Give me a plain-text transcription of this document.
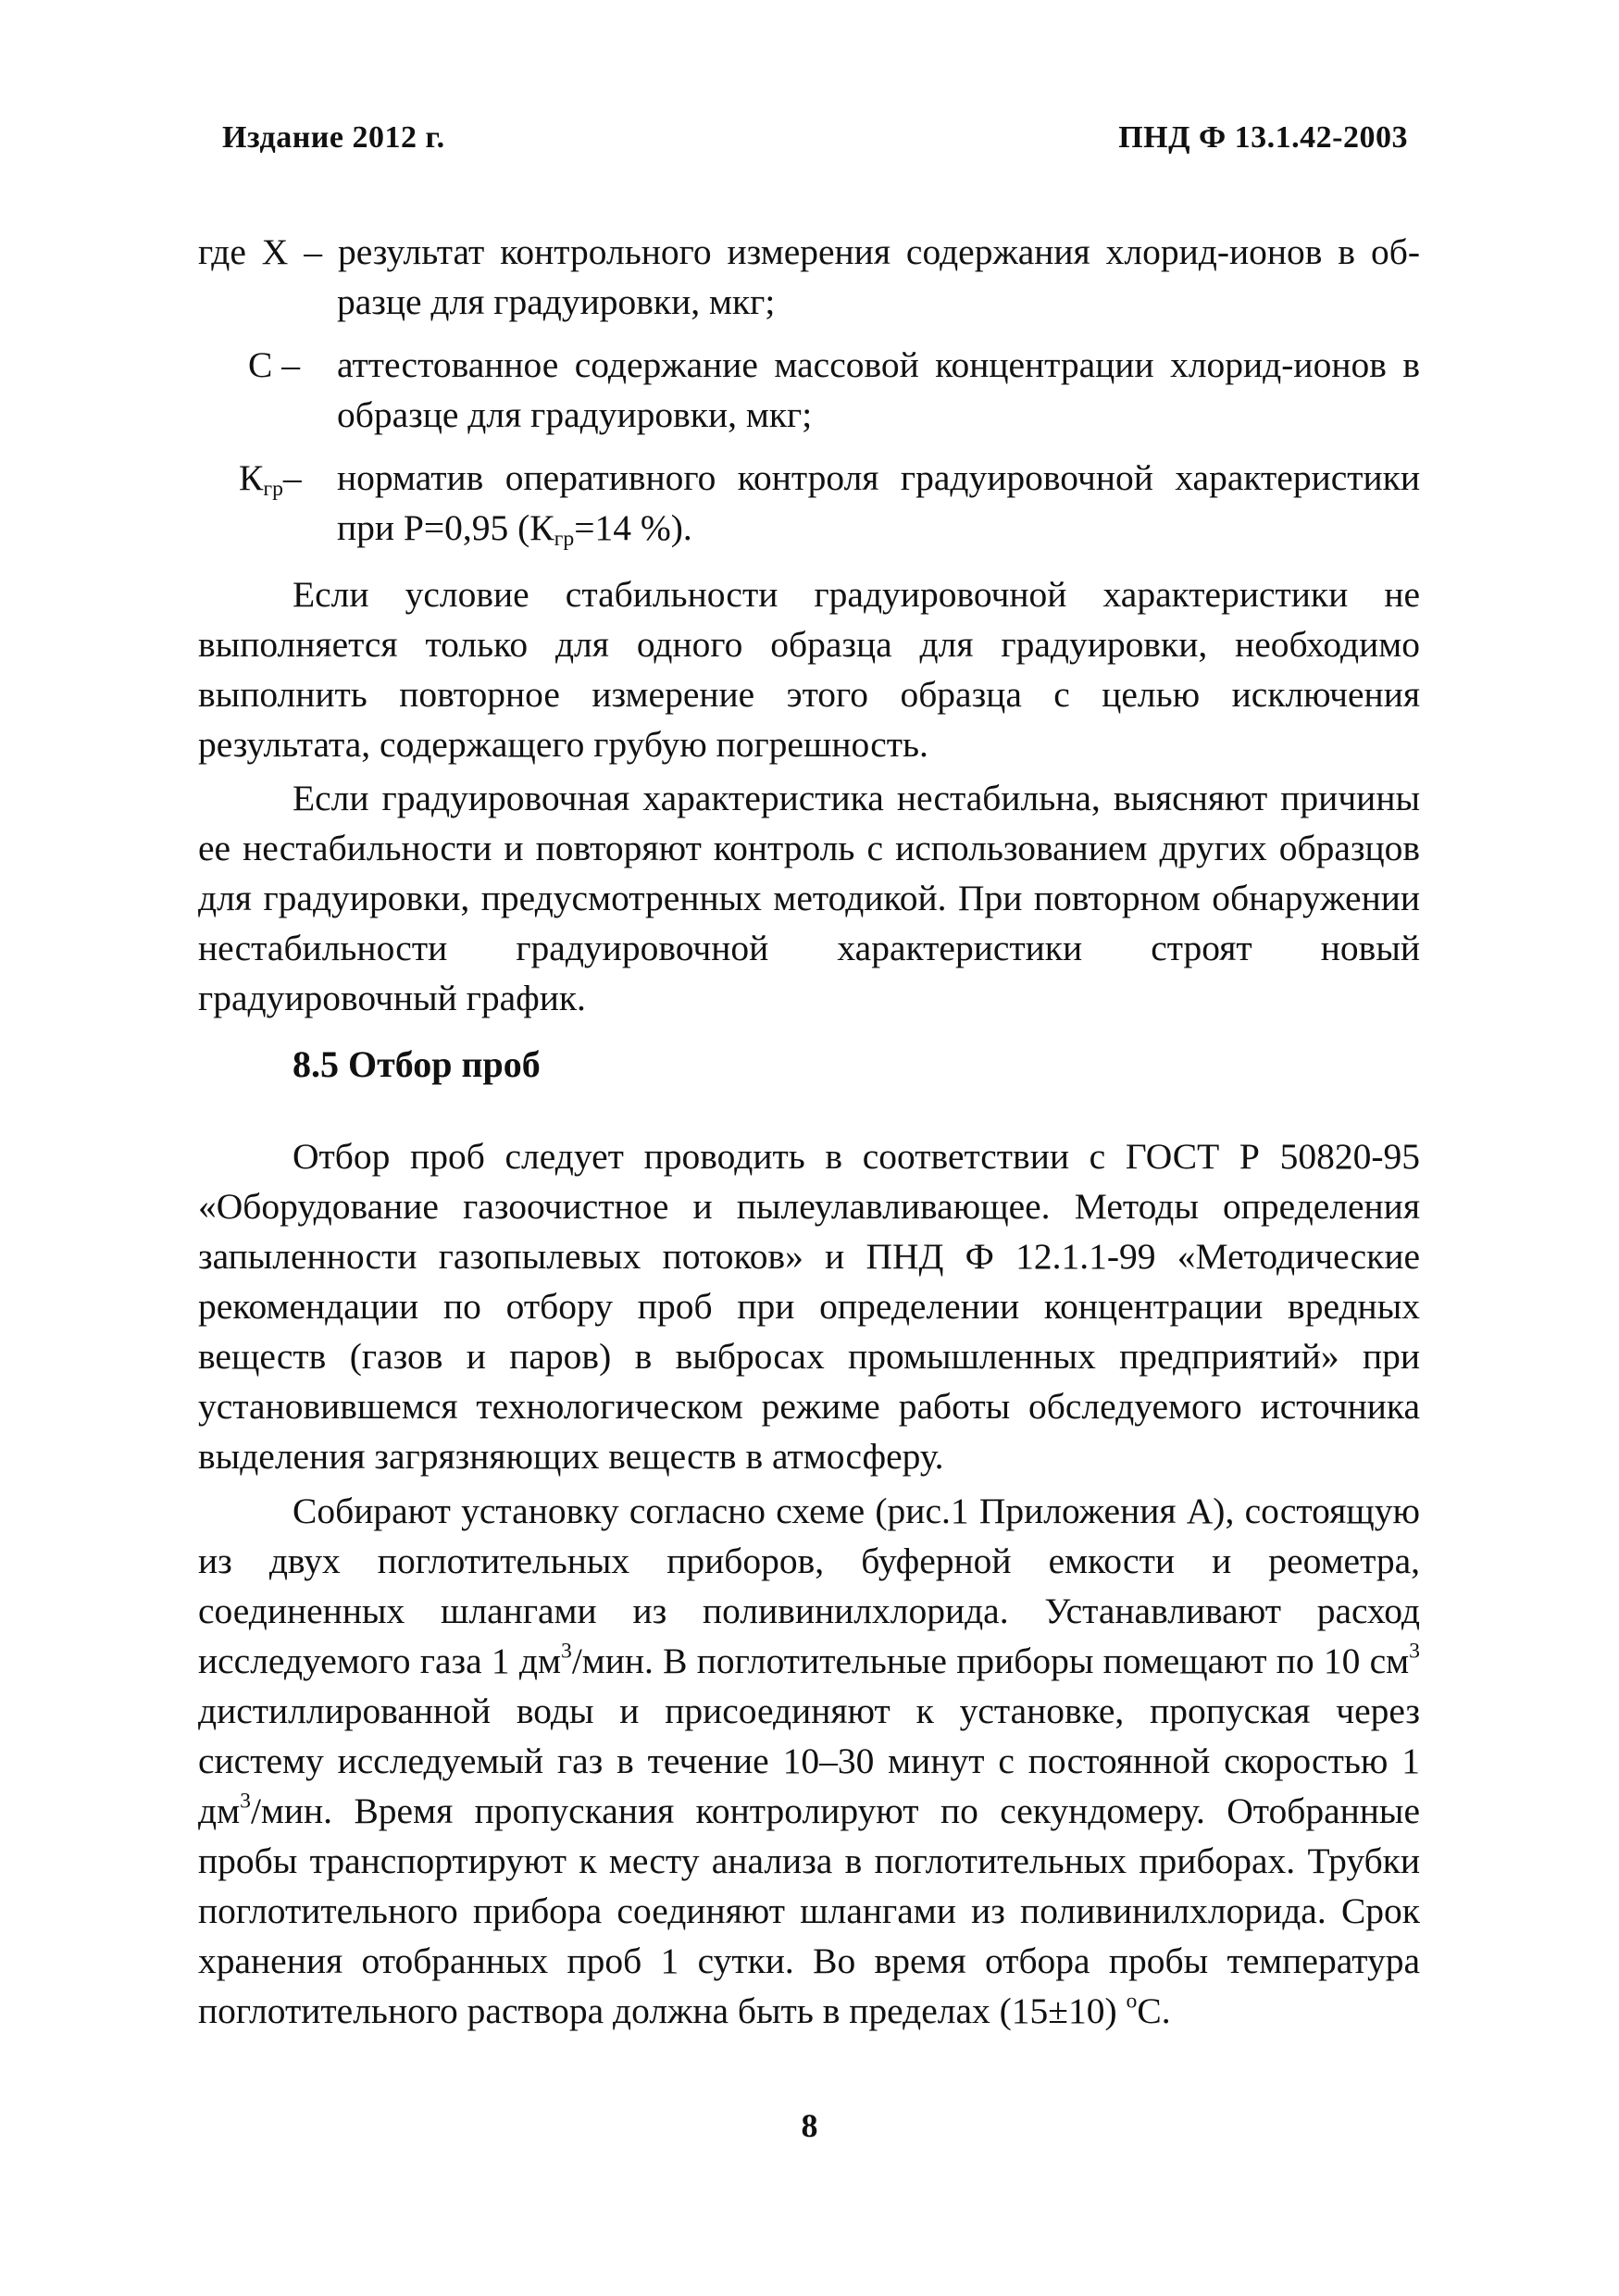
Издание 2012 г.	ПНД Ф 13.1.42-2003
где X – результат контрольного измерения содержания хлорид-ионов в об-
разце для градуировки, мкг;
C – аттестованное содержание массовой концентрации хлорид-ионов в образце для градуировки, мкг;
$К_{гр}-$ норматив оперативного контроля градуировочной характеристики при Р=0,95 ($К_{гр}=14$ %).

Если условие стабильности градуировочной характеристики не выполняется только для одного образца для градуировки, необходимо выполнить повторное измерение этого образца с целью исключения результата, содержащего грубую погрешность.

Если градуировочная характеристика нестабильна, выясняют причины ее нестабильности и повторяют контроль с использованием других образцов для градуировки, предусмотренных методикой. При повторном обнаружении нестабильности градуировочной характеристики строят новый градуировочный график.

8.5 Отбор проб

Отбор проб следует проводить в соответствии с ГОСТ Р 50820-95 «Оборудование газоочистное и пылеулавливающее. Методы определения запыленности газопылевых потоков» и ПНД Ф 12.1.1-99 «Методические рекомендации по отбору проб при определении концентрации вредных веществ (газов и паров) в выбросах промышленных предприятий» при установившемся технологическом режиме работы обследуемого источника выделения загрязняющих веществ в атмосферу.

Собирают установку согласно схеме (рис.1 Приложения А), состоящую из двух поглотительных приборов, буферной емкости и реометра, соединенных шлангами из поливинилхлорида. Устанавливают расход исследуемого газа 1 $дм^3$/мин. В поглотительные приборы помещают по 10 $см^3$ дистиллированной воды и присоединяют к установке, пропуская через систему исследуемый газ в течение 10–30 минут с постоянной скоростью 1 $дм^3$/мин. Время пропускания контролируют по секундомеру. Отобранные пробы транспортируют к месту анализа в поглотительных приборах. Трубки поглотительного прибора соединяют шлангами из поливинилхлорида. Срок хранения отобранных проб 1 сутки. Во время отбора пробы температура поглотительного раствора должна быть в пределах (15±10) $^о$С.

8
